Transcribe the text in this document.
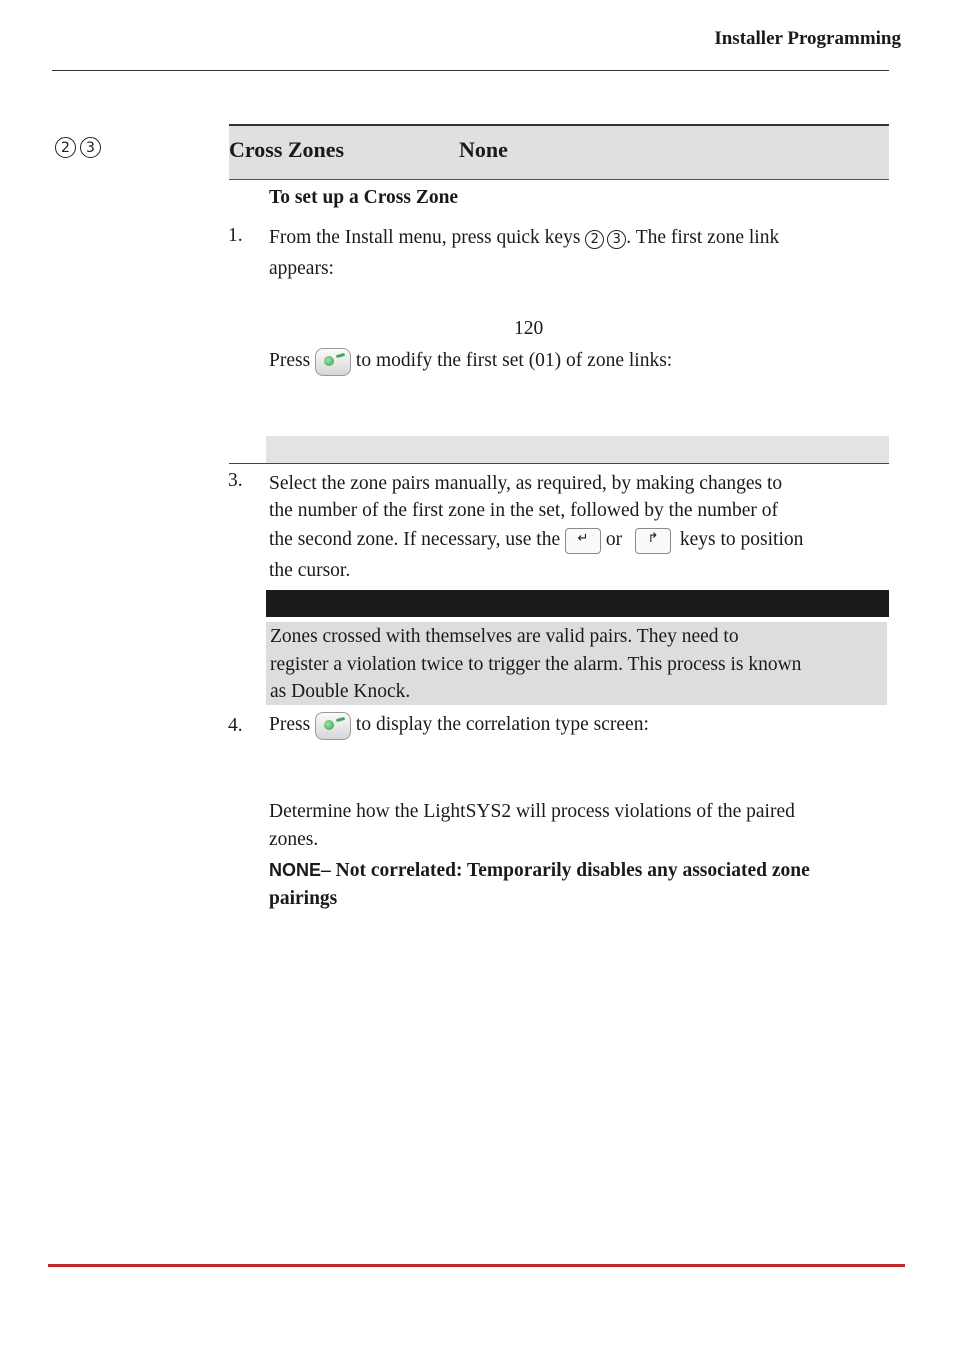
Installer Programming
2	3	Cross Zones	None
To set up a Cross Zone
1. From the Install menu, press quick keys 2 3 . The first zone link
appears:
120
Press to modify the first set (01) of zone links:
3. Select the zone pairs manually, as required, by making changes to
the number of the first zone in the set, followed by the number of
the second zone. If necessary, use the ↵ or ↱ keys to position
the cursor.
Zones crossed with themselves are valid pairs. They need to
register a violation twice to trigger the alarm. This process is known
as Double Knock.
4. Press to display the correlation type screen:
Determine how the LightSYS2 will process violations of the paired
zones.
NONE– Not correlated: Temporarily disables any associated zone
pairings
